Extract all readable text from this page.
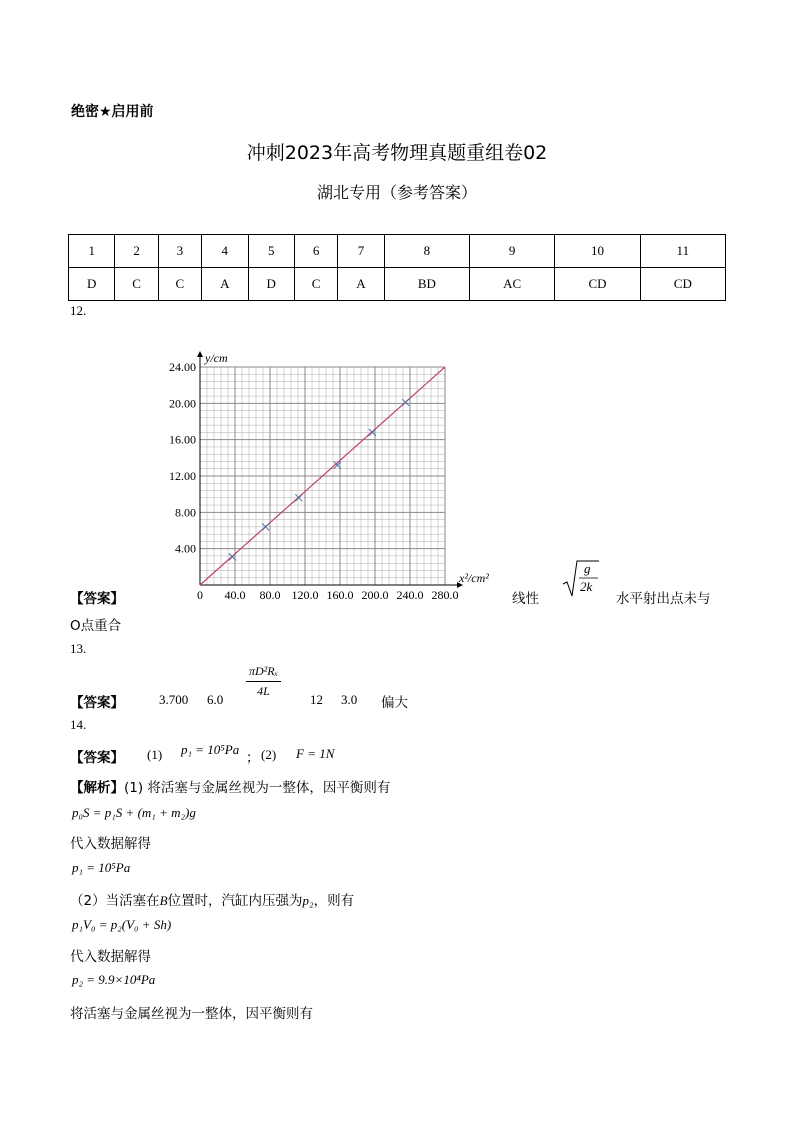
绝密★启用前
冲刺2023年高考物理真题重组卷02
湖北专用（参考答案）
1	2	3	4	5	6	7	8	9	10	11
D	C	C	A	D	C	A	BD	AC	CD	CD
12.
0 40.0 80.0 120.0 160.0 200.0 240.0 280.0
4.00
8.00
12.00
16.00
20.00
24.00
y/cm
x²/cm²
【答案】	线性
g
2k
水平射出点未与
O点重合
13.
【答案】	3.700 6.0
$\frac{\text{πD²Rₓ}}{4L}$
12 3.0 偏大
14.
【答案】 (1) p₁ = 10⁵Pa
； (2) F = 1N
【解析】(1) 将活塞与金属丝视为一整体，因平衡则有
p₀S = p₁S + (m₁ + m₂)g
代入数据解得
p₁ = 10⁵Pa
（2）当活塞在B位置时，汽缸内压强为p₂，则有
p₁V₀ = p₂(V₀ + Sh)
代入数据解得
p₂ = 9.9×10⁴Pa
将活塞与金属丝视为一整体，因平衡则有
